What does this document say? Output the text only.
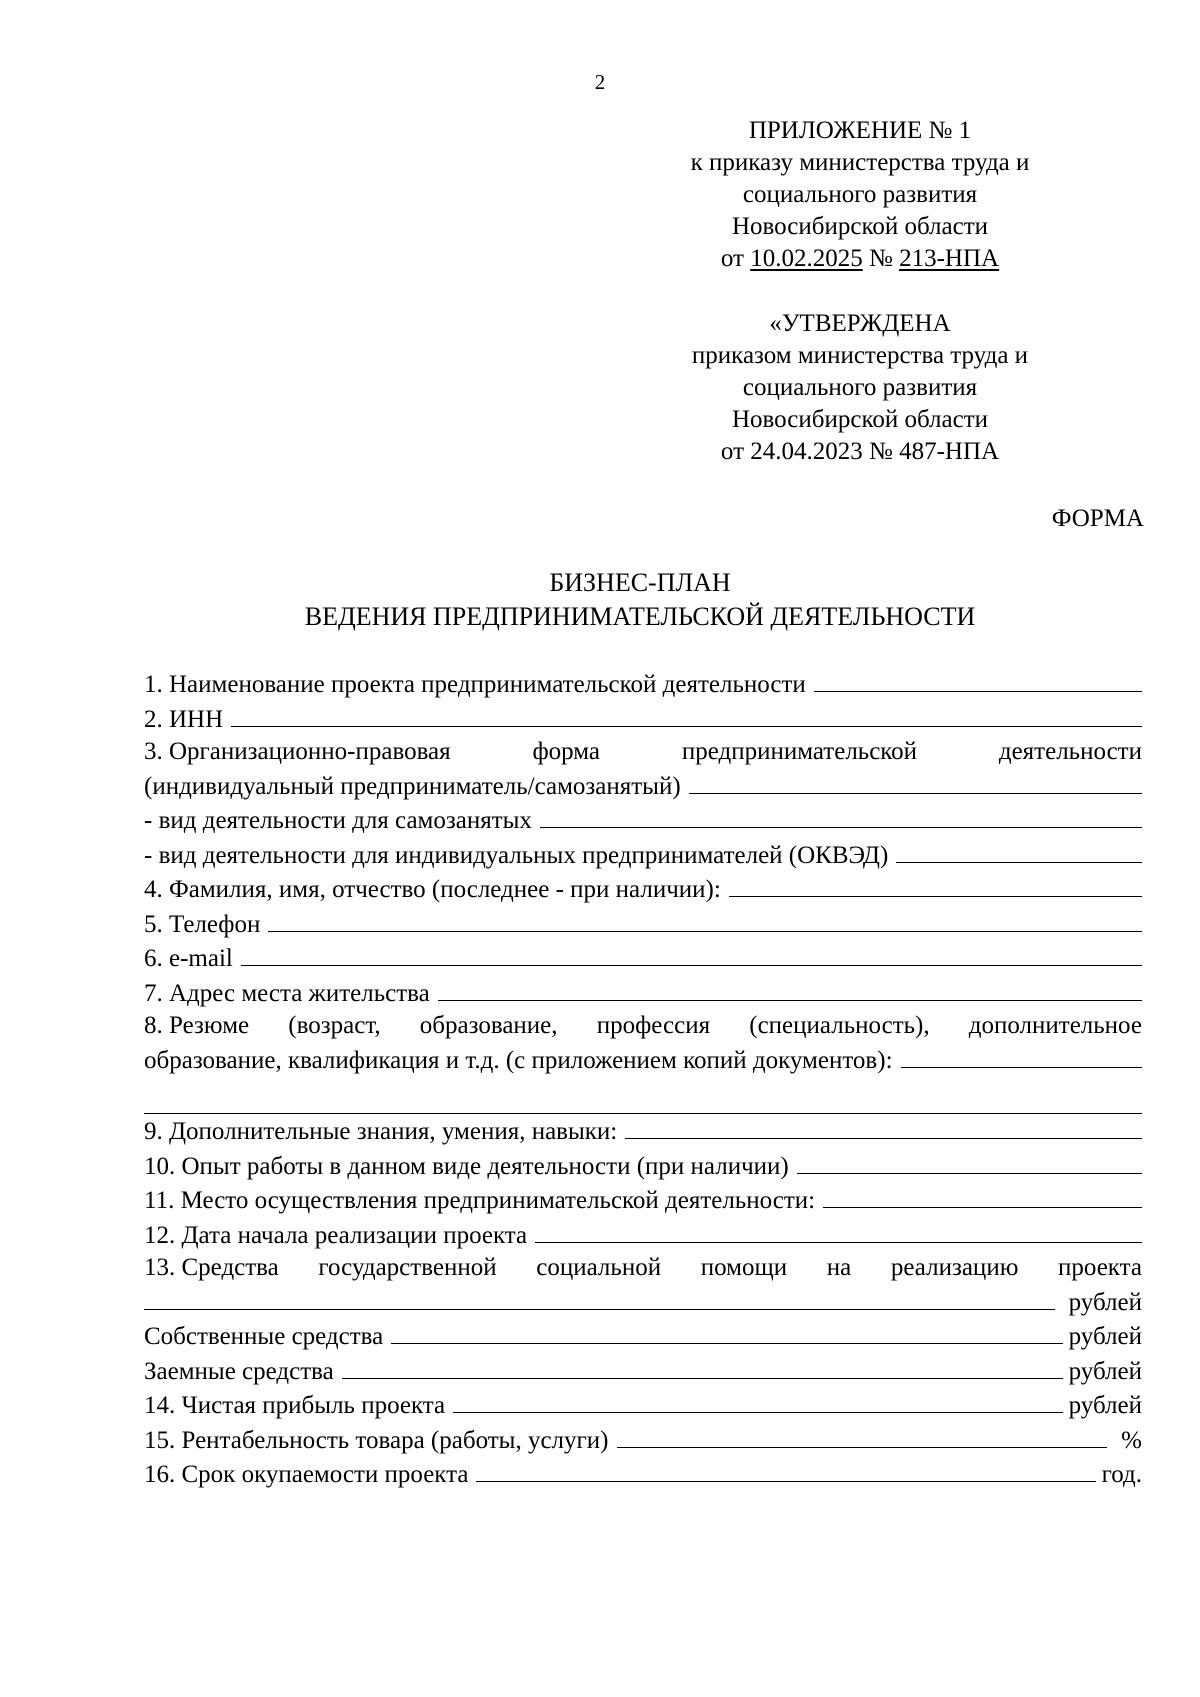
2
ПРИЛОЖЕНИЕ № 1
к приказу министерства труда и
социального развития
Новосибирской области
от 10.02.2025 № 213-НПА
«УТВЕРЖДЕНА
приказом министерства труда и
социального развития
Новосибирской области
от 24.04.2023 № 487-НПА
ФОРМА
БИЗНЕС-ПЛАН
ВЕДЕНИЯ ПРЕДПРИНИМАТЕЛЬСКОЙ ДЕЯТЕЛЬНОСТИ
1. Наименование проекта предпринимательской деятельности
2. ИНН
3. Организационно-правовая	форма	предпринимательской	деятельности
(индивидуальный предприниматель/самозанятый)
- вид деятельности для самозанятых
- вид деятельности для индивидуальных предпринимателей (ОКВЭД)
4. Фамилия, имя, отчество (последнее - при наличии):
5. Телефон
6. e-mail
7. Адрес места жительства
8. Резюме (возраст, образование, профессия (специальность), дополнительное
образование, квалификация и т.д. (с приложением копий документов):
9. Дополнительные знания, умения, навыки:
10. Опыт работы в данном виде деятельности (при наличии)
11. Место осуществления предпринимательской деятельности:
12. Дата начала реализации проекта
13. Средства государственной социальной помощи на реализацию проекта
рублей
Собственные средства	рублей
Заемные средства	рублей
14. Чистая прибыль проекта	рублей
15. Рентабельность товара (работы, услуги)	%
16. Срок окупаемости проекта	год.
